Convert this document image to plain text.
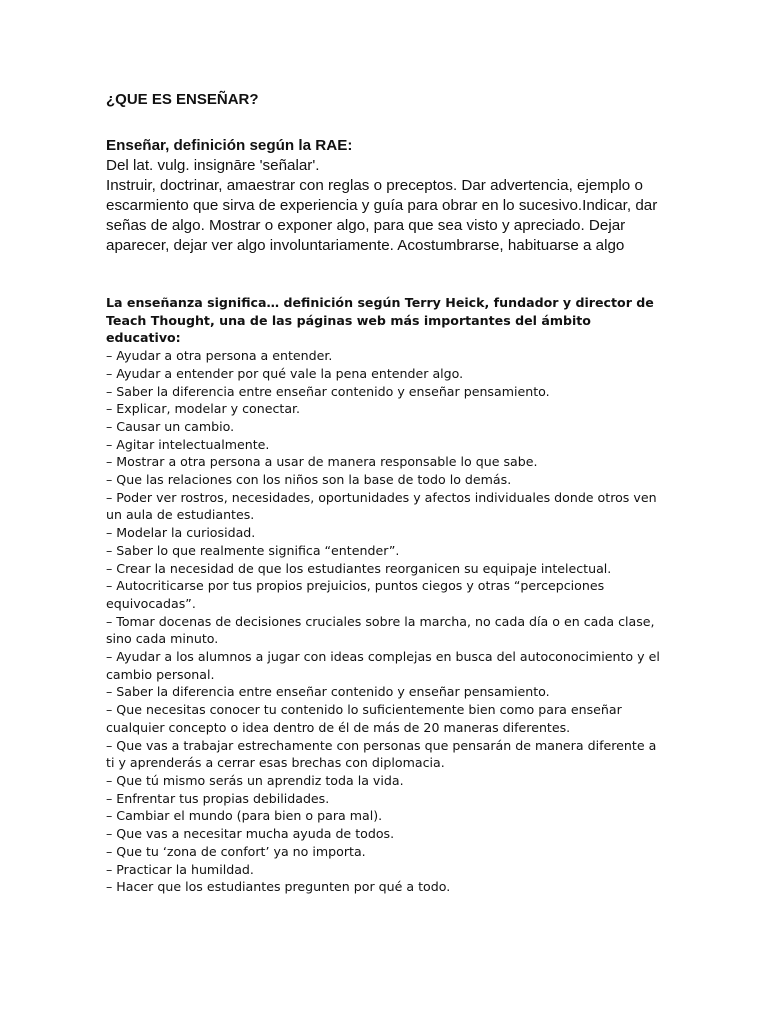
¿QUE ES ENSEÑAR?
Enseñar, definición según la RAE:
Del lat. vulg. insignāre 'señalar'.
Instruir, doctrinar, amaestrar con reglas o preceptos. Dar advertencia, ejemplo o escarmiento que sirva de experiencia y guía para obrar en lo sucesivo.Indicar, dar señas de algo. Mostrar o exponer algo, para que sea visto y apreciado. Dejar aparecer, dejar ver algo involuntariamente. Acostumbrarse, habituarse a algo
La enseñanza significa… definición según Terry Heick, fundador y director de Teach Thought, una de las páginas web más importantes del ámbito educativo:
– Ayudar a otra persona a entender.
– Ayudar a entender por qué vale la pena entender algo.
– Saber la diferencia entre enseñar contenido y enseñar pensamiento.
– Explicar, modelar y conectar.
– Causar un cambio.
– Agitar intelectualmente.
– Mostrar a otra persona a usar de manera responsable lo que sabe.
– Que las relaciones con los niños son la base de todo lo demás.
– Poder ver rostros, necesidades, oportunidades y afectos individuales donde otros ven un aula de estudiantes.
– Modelar la curiosidad.
– Saber lo que realmente significa “entender”.
– Crear la necesidad de que los estudiantes reorganicen su equipaje intelectual.
– Autocriticarse por tus propios prejuicios, puntos ciegos y otras “percepciones equivocadas”.
– Tomar docenas de decisiones cruciales sobre la marcha, no cada día o en cada clase, sino cada minuto.
– Ayudar a los alumnos a jugar con ideas complejas en busca del autoconocimiento y el cambio personal.
– Saber la diferencia entre enseñar contenido y enseñar pensamiento.
– Que necesitas conocer tu contenido lo suficientemente bien como para enseñar cualquier concepto o idea dentro de él de más de 20 maneras diferentes.
– Que vas a trabajar estrechamente con personas que pensarán de manera diferente a ti y aprenderás a cerrar esas brechas con diplomacia.
– Que tú mismo serás un aprendiz toda la vida.
– Enfrentar tus propias debilidades.
– Cambiar el mundo (para bien o para mal).
– Que vas a necesitar mucha ayuda de todos.
– Que tu ‘zona de confort’ ya no importa.
– Practicar la humildad.
– Hacer que los estudiantes pregunten por qué a todo.
